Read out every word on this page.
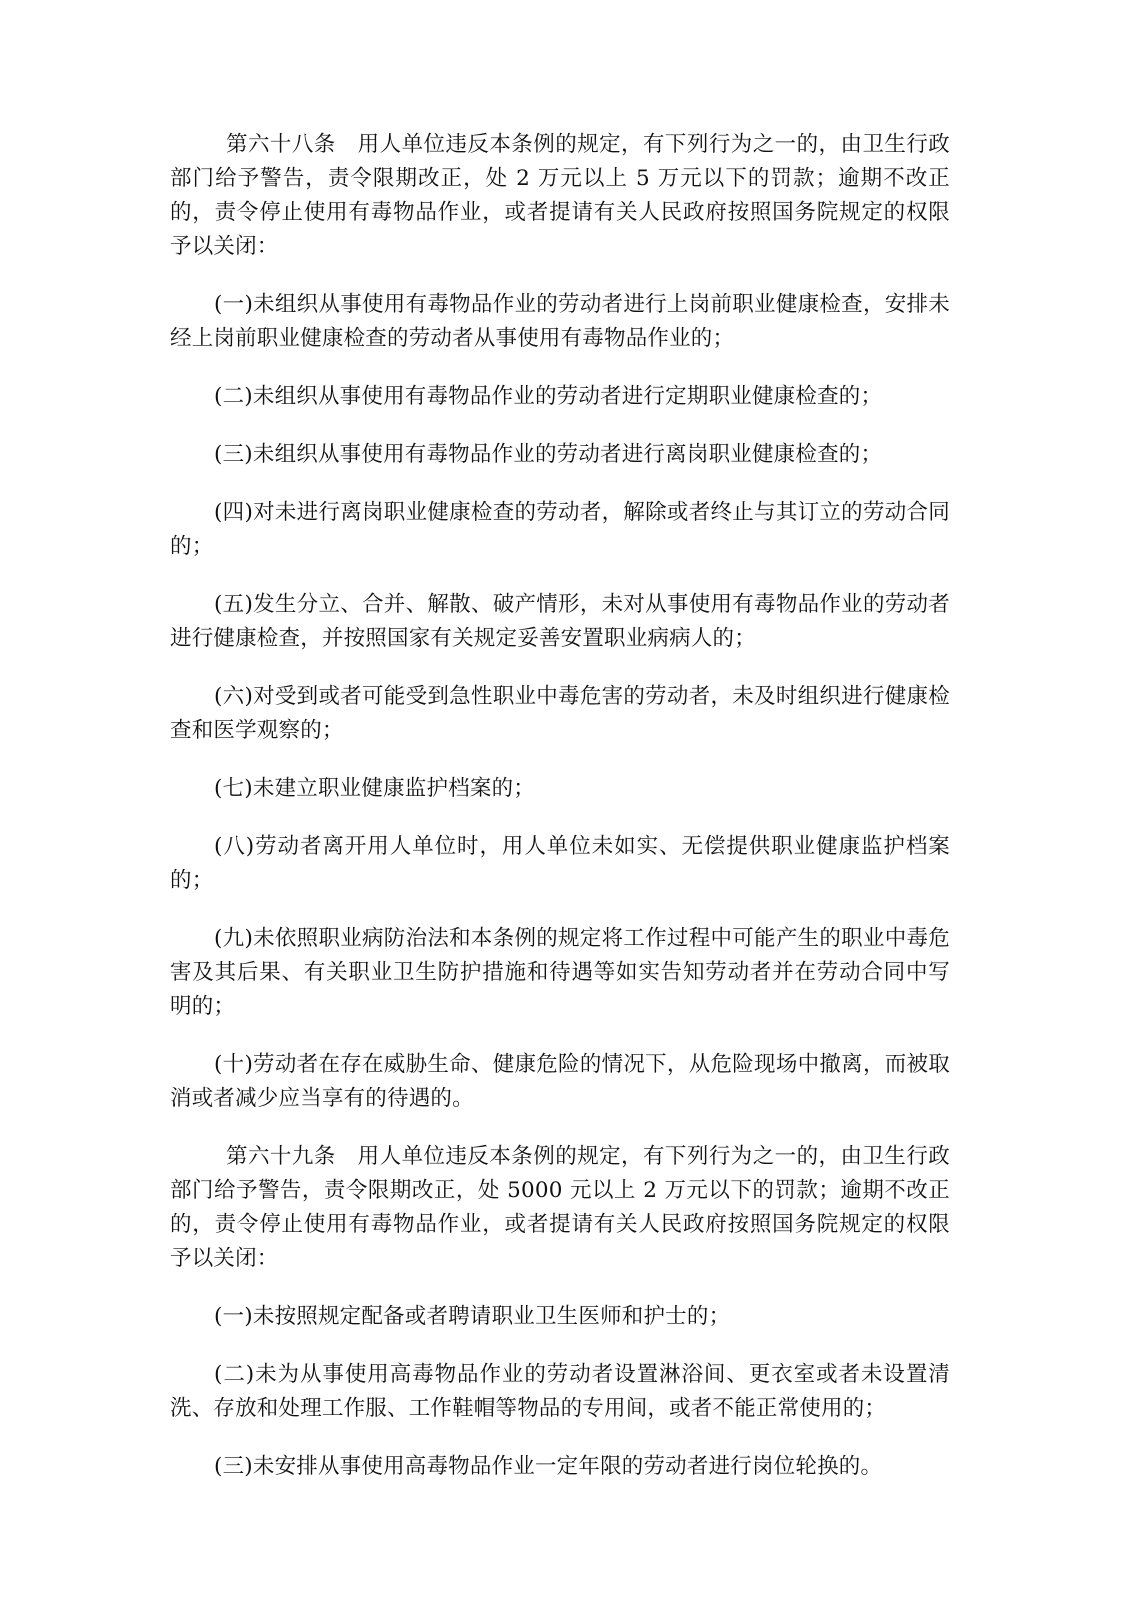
第六十八条　用人单位违反本条例的规定，有下列行为之一的，由卫生行政部门给予警告，责令限期改正，处 2 万元以上 5 万元以下的罚款；逾期不改正的，责令停止使用有毒物品作业，或者提请有关人民政府按照国务院规定的权限予以关闭：

(一)未组织从事使用有毒物品作业的劳动者进行上岗前职业健康检查，安排未经上岗前职业健康检查的劳动者从事使用有毒物品作业的；

(二)未组织从事使用有毒物品作业的劳动者进行定期职业健康检查的；

(三)未组织从事使用有毒物品作业的劳动者进行离岗职业健康检查的；

(四)对未进行离岗职业健康检查的劳动者，解除或者终止与其订立的劳动合同的；

(五)发生分立、合并、解散、破产情形，未对从事使用有毒物品作业的劳动者进行健康检查，并按照国家有关规定妥善安置职业病病人的；

(六)对受到或者可能受到急性职业中毒危害的劳动者，未及时组织进行健康检查和医学观察的；

(七)未建立职业健康监护档案的；

(八)劳动者离开用人单位时，用人单位未如实、无偿提供职业健康监护档案的；

(九)未依照职业病防治法和本条例的规定将工作过程中可能产生的职业中毒危害及其后果、有关职业卫生防护措施和待遇等如实告知劳动者并在劳动合同中写明的；

(十)劳动者在存在威胁生命、健康危险的情况下，从危险现场中撤离，而被取消或者减少应当享有的待遇的。

第六十九条　用人单位违反本条例的规定，有下列行为之一的，由卫生行政部门给予警告，责令限期改正，处 5000 元以上 2 万元以下的罚款；逾期不改正的，责令停止使用有毒物品作业，或者提请有关人民政府按照国务院规定的权限予以关闭：

(一)未按照规定配备或者聘请职业卫生医师和护士的；

(二)未为从事使用高毒物品作业的劳动者设置淋浴间、更衣室或者未设置清洗、存放和处理工作服、工作鞋帽等物品的专用间，或者不能正常使用的；

(三)未安排从事使用高毒物品作业一定年限的劳动者进行岗位轮换的。
